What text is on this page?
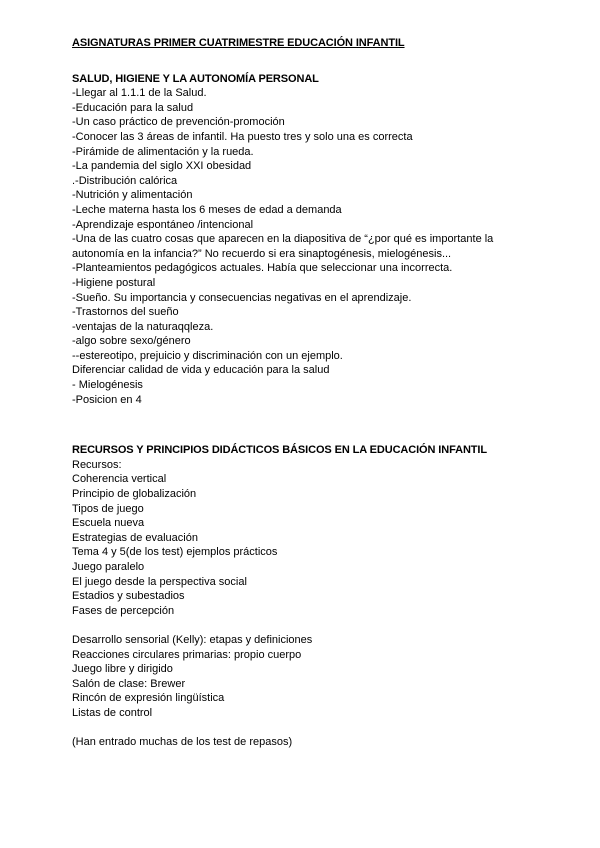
ASIGNATURAS PRIMER CUATRIMESTRE EDUCACIÓN INFANTIL
SALUD, HIGIENE Y LA AUTONOMÍA PERSONAL
-Llegar al 1.1.1 de la Salud.
-Educación para la salud
-Un caso práctico de prevención-promoción
-Conocer las 3 áreas de infantil. Ha puesto tres y solo una es correcta
-Pirámide de alimentación y la rueda.
-La pandemia del siglo XXI obesidad
.-Distribución calórica
-Nutrición y alimentación
-Leche materna hasta los 6 meses de edad a demanda
-Aprendizaje espontáneo /intencional
-Una de las cuatro cosas que aparecen en la diapositiva de “¿por qué es importante la autonomía en la infancia?” No recuerdo si era sinaptogénesis, mielogénesis...
-Planteamientos pedagógicos actuales. Había que seleccionar una incorrecta.
-Higiene postural
-Sueño. Su importancia y consecuencias negativas en el aprendizaje.
-Trastornos del sueño
-ventajas de la naturaqqleza.
-algo sobre sexo/género
--estereotipo, prejuicio y discriminación con un ejemplo.
Diferenciar calidad de vida y educación para la salud
- Mielogénesis
-Posicion en 4
RECURSOS Y PRINCIPIOS DIDÁCTICOS BÁSICOS EN LA EDUCACIÓN INFANTIL
Recursos:
Coherencia vertical
Principio de globalización
Tipos de juego
Escuela nueva
Estrategias de evaluación
Tema 4 y 5(de los test) ejemplos prácticos
Juego paralelo
El juego desde la perspectiva social
Estadios y subestadios
Fases de percepción
Desarrollo sensorial (Kelly): etapas y definiciones
Reacciones circulares primarias: propio cuerpo
Juego libre y dirigido
Salón de clase: Brewer
Rincón de expresión lingüística
Listas de control
(Han entrado muchas de los test de repasos)
